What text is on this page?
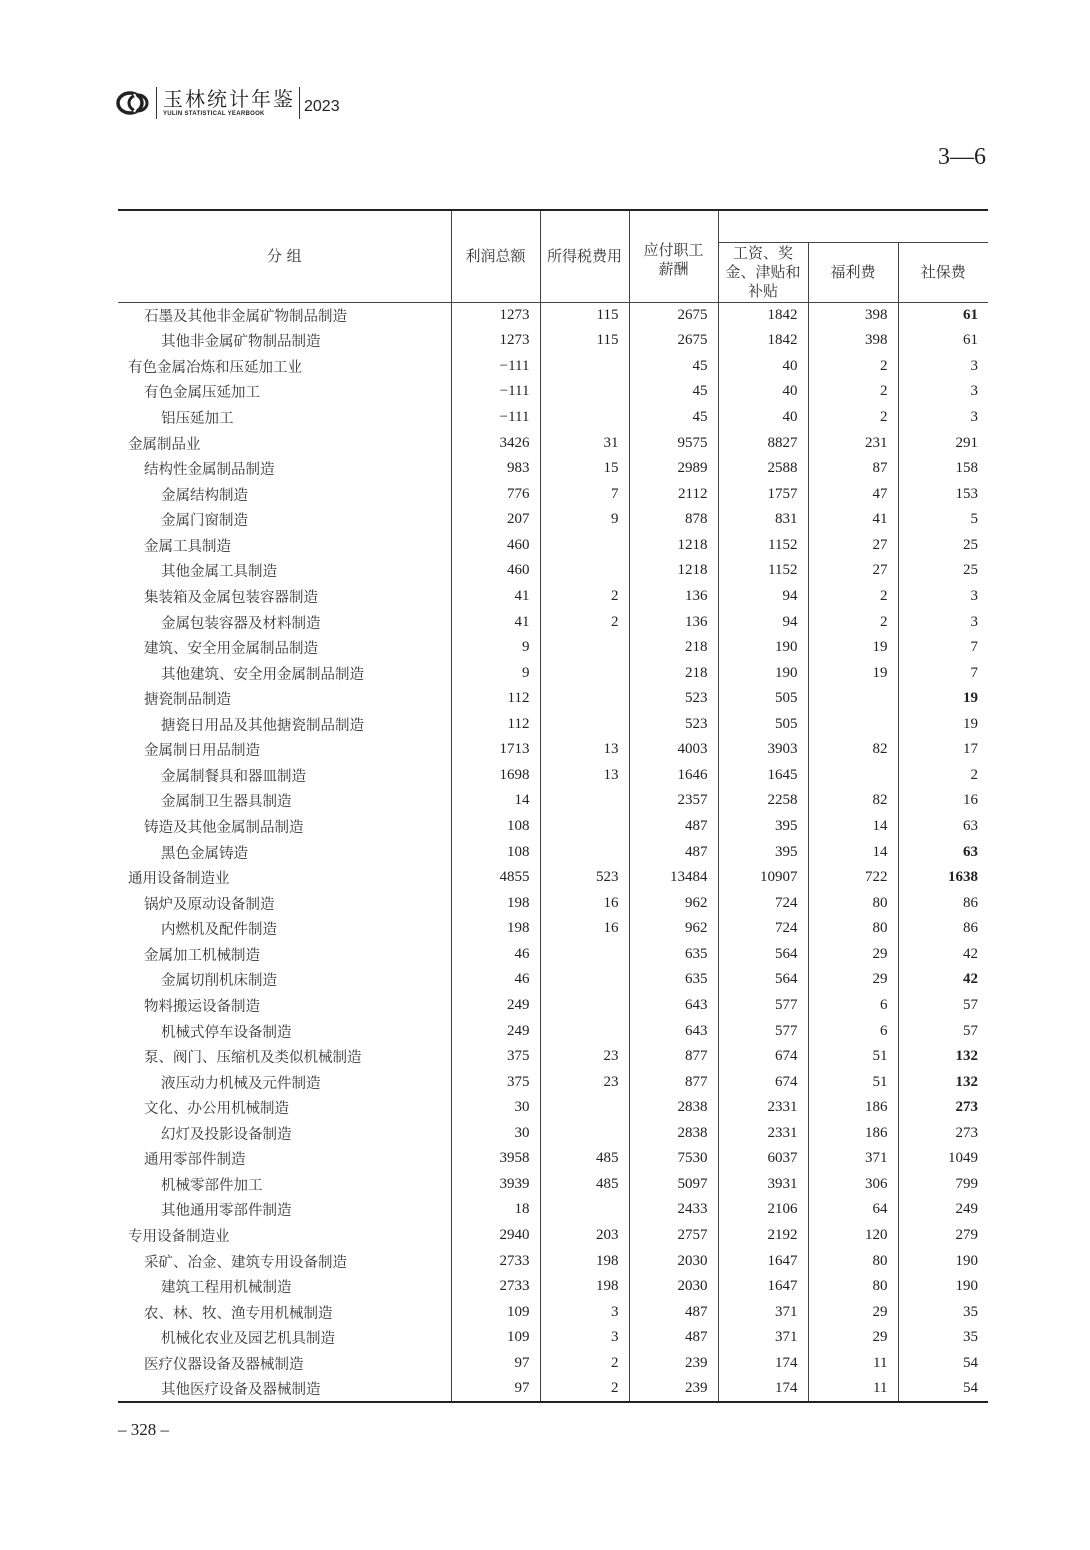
玉林统计年鉴
YULIN STATISTICAL YEARBOOK	2023
3—6
分 组	利润总额	所得税费用	应付职工薪酬			

				工资、奖金、津贴和补贴	福利费	社保费
石墨及其他非金属矿物制品制造	1273	115	2675	1842	398	61
其他非金属矿物制品制造	1273	115	2675	1842	398	61
有色金属冶炼和压延加工业	−111		45	40	2	3
有色金属压延加工	−111		45	40	2	3
铝压延加工	−111		45	40	2	3
金属制品业	3426	31	9575	8827	231	291
结构性金属制品制造	983	15	2989	2588	87	158
金属结构制造	776	7	2112	1757	47	153
金属门窗制造	207	9	878	831	41	5
金属工具制造	460		1218	1152	27	25
其他金属工具制造	460		1218	1152	27	25
集装箱及金属包装容器制造	41	2	136	94	2	3
金属包装容器及材料制造	41	2	136	94	2	3
建筑、安全用金属制品制造	9		218	190	19	7
其他建筑、安全用金属制品制造	9		218	190	19	7
搪瓷制品制造	112		523	505		19
搪瓷日用品及其他搪瓷制品制造	112		523	505		19
金属制日用品制造	1713	13	4003	3903	82	17
金属制餐具和器皿制造	1698	13	1646	1645		2
金属制卫生器具制造	14		2357	2258	82	16
铸造及其他金属制品制造	108		487	395	14	63
黑色金属铸造	108		487	395	14	63
通用设备制造业	4855	523	13484	10907	722	1638
锅炉及原动设备制造	198	16	962	724	80	86
内燃机及配件制造	198	16	962	724	80	86
金属加工机械制造	46		635	564	29	42
金属切削机床制造	46		635	564	29	42
物料搬运设备制造	249		643	577	6	57
机械式停车设备制造	249		643	577	6	57
泵、阀门、压缩机及类似机械制造	375	23	877	674	51	132
液压动力机械及元件制造	375	23	877	674	51	132
文化、办公用机械制造	30		2838	2331	186	273
幻灯及投影设备制造	30		2838	2331	186	273
通用零部件制造	3958	485	7530	6037	371	1049
机械零部件加工	3939	485	5097	3931	306	799
其他通用零部件制造	18		2433	2106	64	249
专用设备制造业	2940	203	2757	2192	120	279
采矿、冶金、建筑专用设备制造	2733	198	2030	1647	80	190
建筑工程用机械制造	2733	198	2030	1647	80	190
农、林、牧、渔专用机械制造	109	3	487	371	29	35
机械化农业及园艺机具制造	109	3	487	371	29	35
医疗仪器设备及器械制造	97	2	239	174	11	54
其他医疗设备及器械制造	97	2	239	174	11	54
– 328 –
